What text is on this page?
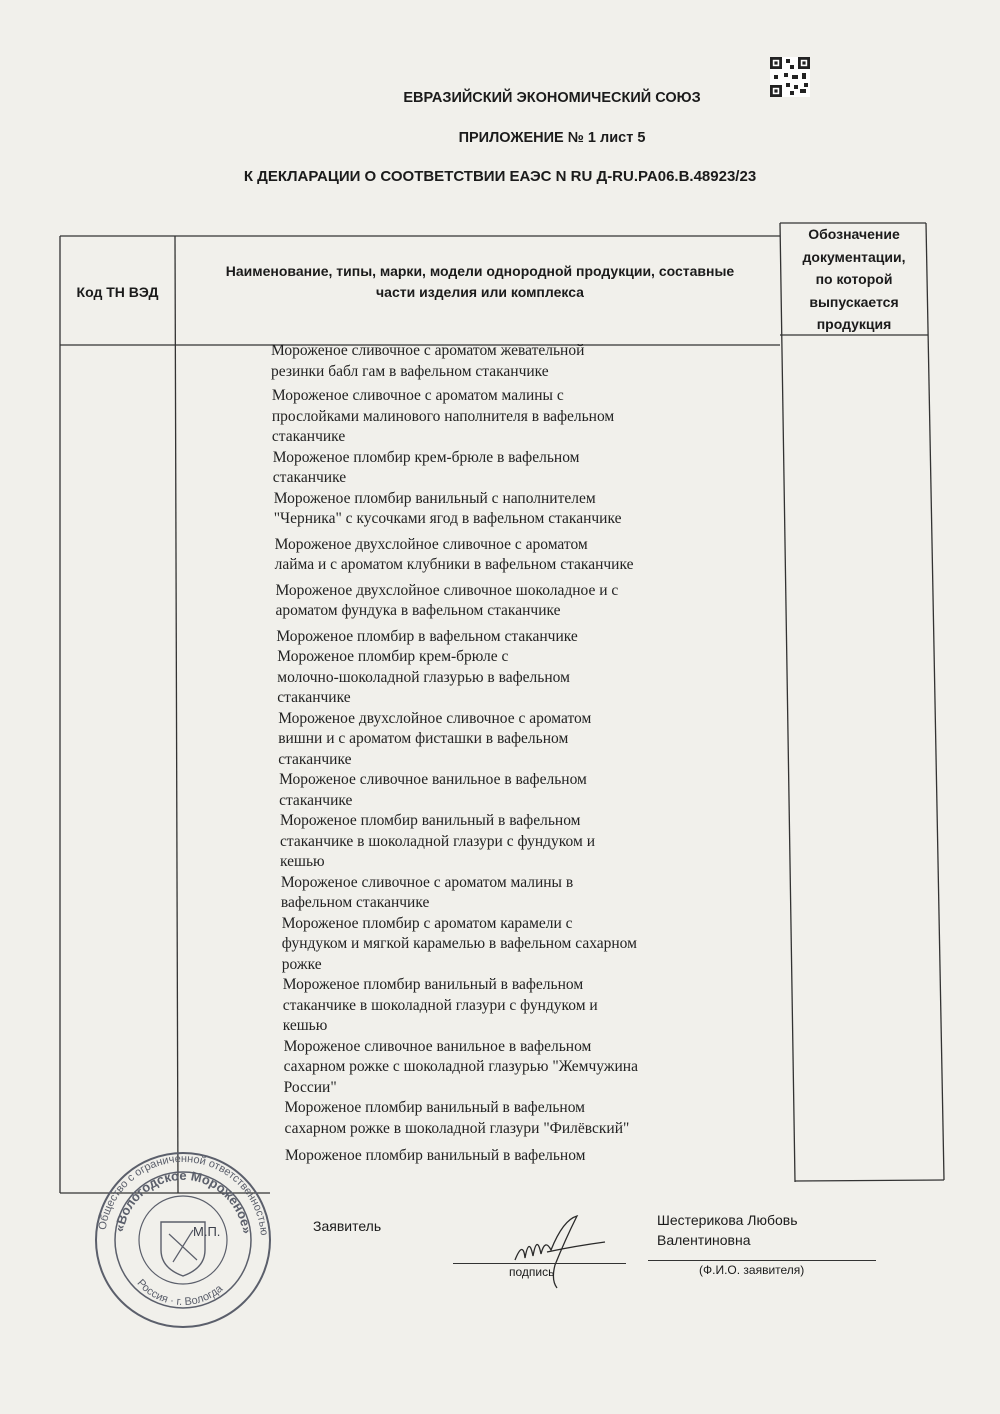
ЕВРАЗИЙСКИЙ ЭКОНОМИЧЕСКИЙ СОЮЗ
ПРИЛОЖЕНИЕ № 1 лист 5
К ДЕКЛАРАЦИИ О СООТВЕТСТВИИ ЕАЭС N RU Д-RU.PA06.B.48923/23
Код ТН ВЭД
Наименование, типы, марки, модели однородной продукции, составные
части изделия или комплекса
Обозначение
документации,
по которой
выпускается
продукция
Мороженое сливочное с ароматом жевательной
резинки бабл гам в вафельном стаканчике
Мороженое сливочное с ароматом малины с
прослойками малинового наполнителя в вафельном
стаканчике
Мороженое пломбир крем-брюле в вафельном
стаканчике
Мороженое пломбир ванильный с наполнителем
"Черника" с кусочками ягод в вафельном стаканчике
Мороженое двухслойное сливочное с ароматом
лайма и с ароматом клубники в вафельном стаканчике
Мороженое двухслойное сливочное шоколадное и с
ароматом фундука в вафельном стаканчике
Мороженое пломбир в вафельном стаканчике
Мороженое пломбир крем-брюле с
молочно-шоколадной глазурью в вафельном
стаканчике
Мороженое двухслойное сливочное с ароматом
вишни и с ароматом фисташки в вафельном
стаканчике
Мороженое сливочное ванильное в вафельном
стаканчике
Мороженое пломбир ванильный в вафельном
стаканчике в шоколадной глазури с фундуком и
кешью
Мороженое сливочное с ароматом малины в
вафельном стаканчике
Мороженое пломбир с ароматом карамели с
фундуком и мягкой карамелью в вафельном сахарном
рожке
Мороженое пломбир ванильный в вафельном
стаканчике в шоколадной глазури с фундуком и
кешью
Мороженое сливочное ванильное в вафельном
сахарном рожке с шоколадной глазурью "Жемчужина
России"
Мороженое пломбир ванильный в вафельном
сахарном рожке в шоколадной глазури "Филёвский"
Мороженое пломбир ванильный в вафельном
Общество с ограниченной ответственностью
«Вологодское Мороженое»
Россия · г. Вологда
М.П.	Заявитель
подпись
Шестерикова Любовь
Валентиновна
(Ф.И.О. заявителя)
